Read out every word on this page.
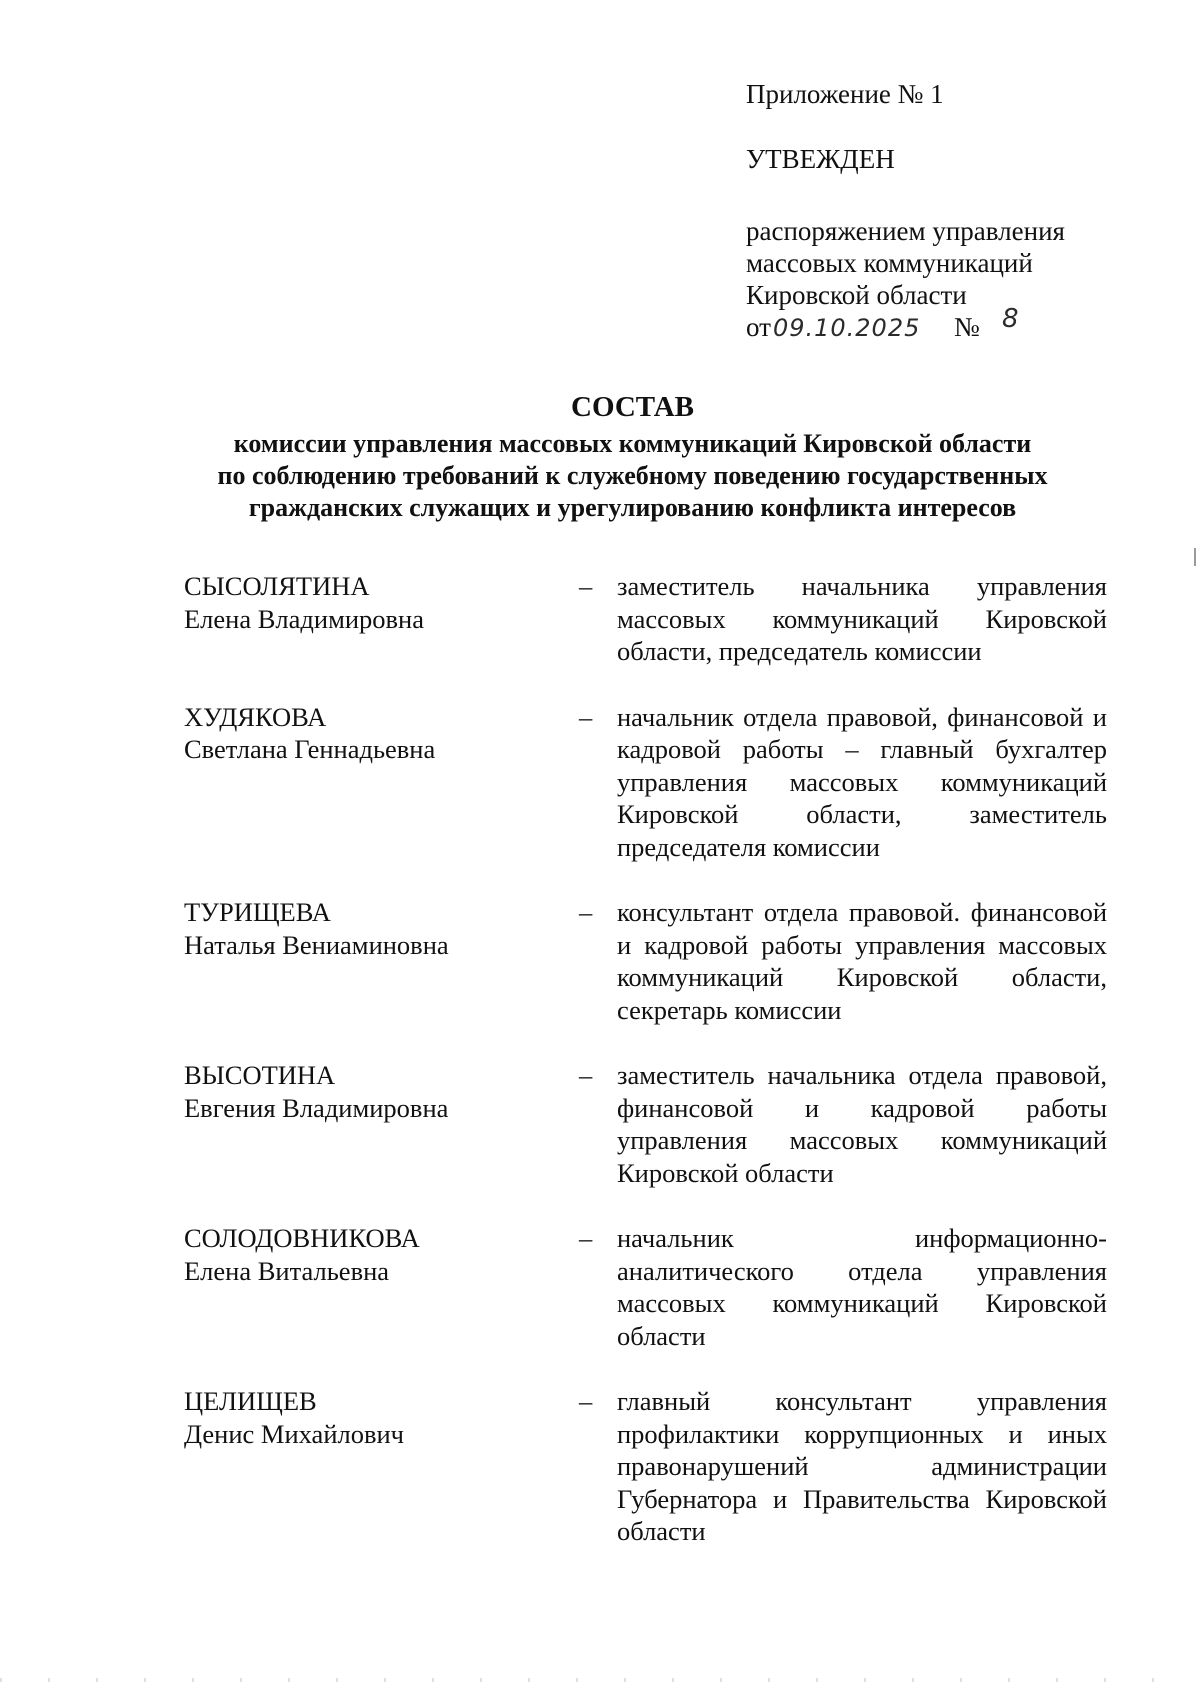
Приложение № 1
УТВЕЖДЕН
распоряжением управления
массовых коммуникаций
Кировской области
от09.10.2025 № 8
СОСТАВ
комиссии управления массовых коммуникаций Кировской области
по соблюдению требований к служебному поведению государственных
гражданских служащих и урегулированию конфликта интересов
СЫСОЛЯТИНА
Елена Владимировна
– заместитель начальника управления массовых коммуникаций Кировской области, председатель комиссии
ХУДЯКОВА
Светлана Геннадьевна
– начальник отдела правовой, финансовой и кадровой работы – главный бухгалтер управления массовых коммуникаций Кировской области, заместитель председателя комиссии
ТУРИЩЕВА
Наталья Вениаминовна
– консультант отдела правовой. финансовой и кадровой работы управления массовых коммуникаций Кировской области, секретарь комиссии
ВЫСОТИНА
Евгения Владимировна
– заместитель начальника отдела правовой, финансовой и кадровой работы управления массовых коммуникаций Кировской области
СОЛОДОВНИКОВА
Елена Витальевна
– начальник информационно-аналитического отдела управления массовых коммуникаций Кировской области
ЦЕЛИЩЕВ
Денис Михайлович
– главный консультант управления профилактики коррупционных и иных правонарушений администрации Губернатора и Правительства Кировской области
